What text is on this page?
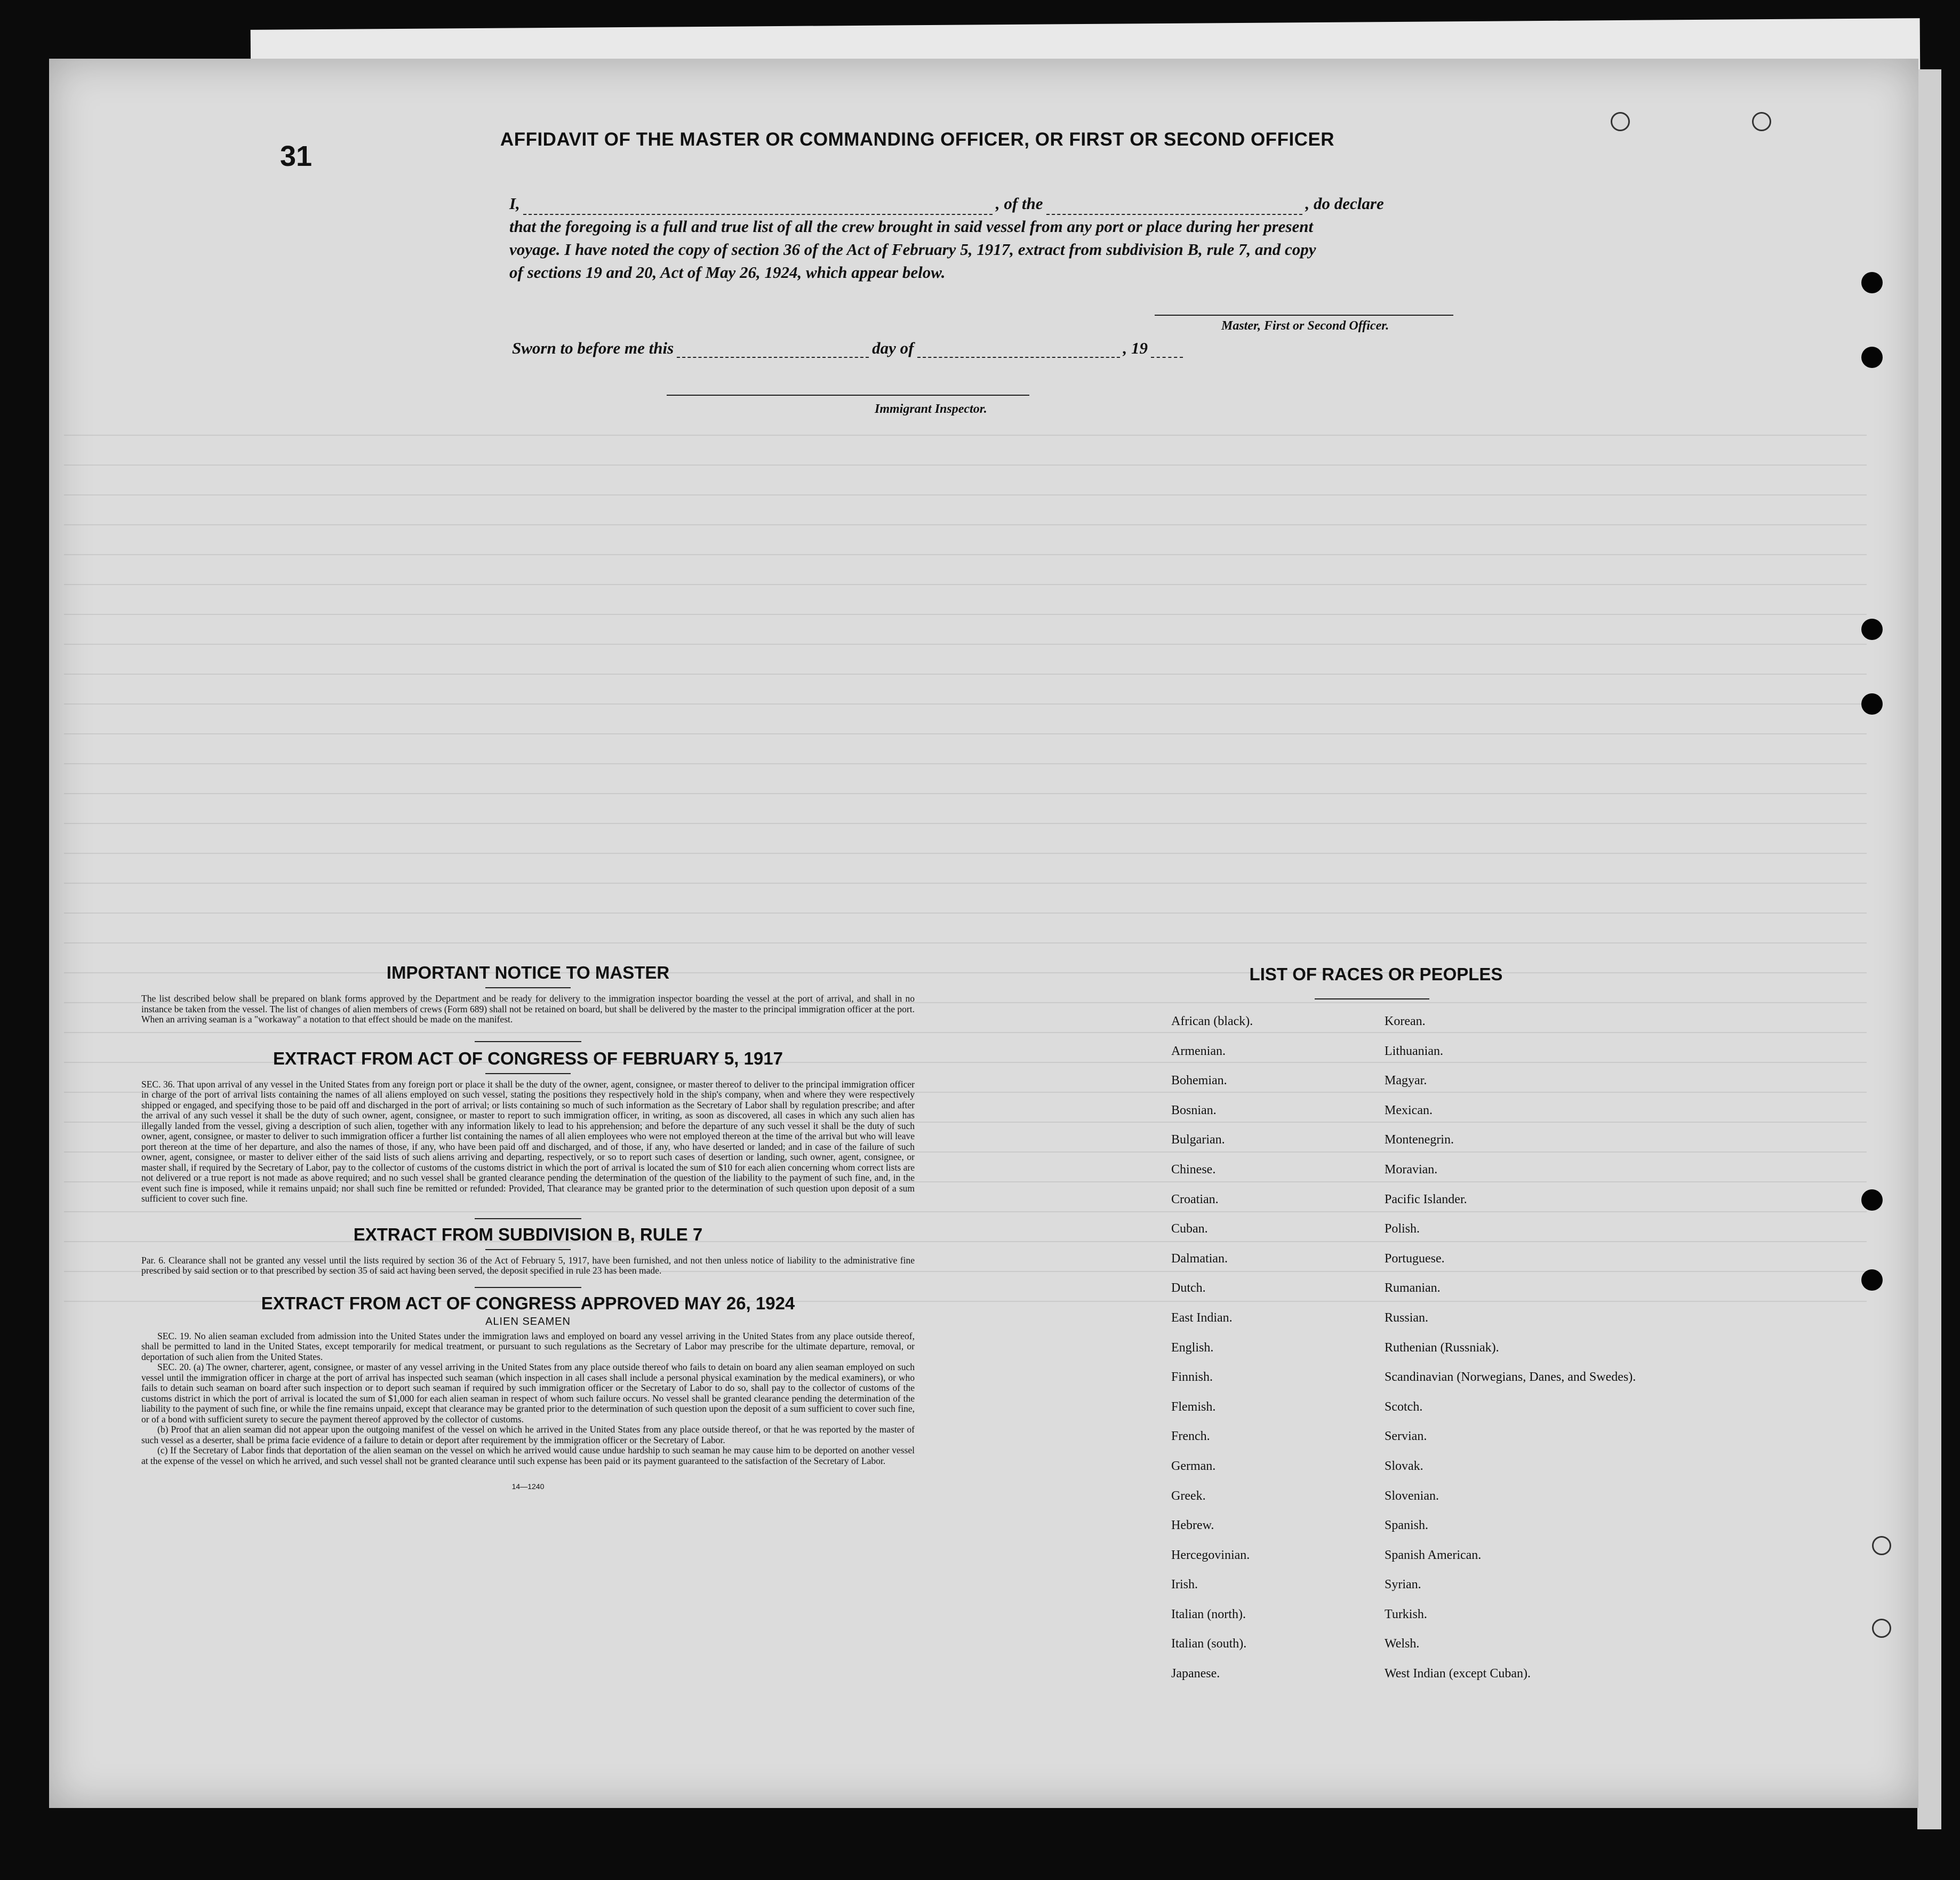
31
AFFIDAVIT OF THE MASTER OR COMMANDING OFFICER, OR FIRST OR SECOND OFFICER
I,	, of the	, do declare
that the foregoing is a full and true list of all the crew brought in said vessel from any port or place during her present
voyage. I have noted the copy of section 36 of the Act of February 5, 1917, extract from subdivision B, rule 7, and copy
of sections 19 and 20, Act of May 26, 1924, which appear below.
Master, First or Second Officer.
Sworn to before me this	day of	, 19
Immigrant Inspector.
IMPORTANT NOTICE TO MASTER

The list described below shall be prepared on blank forms approved by the Department and be ready for delivery to the immigration inspector boarding the vessel at the port of arrival, and shall in no instance be taken from the vessel. The list of changes of alien members of crews (Form 689) shall not be retained on board, but shall be delivered by the master to the principal immigration officer at the port. When an arriving seaman is a "workaway" a notation to that effect should be made on the manifest.

EXTRACT FROM ACT OF CONGRESS OF FEBRUARY 5, 1917

SEC. 36. That upon arrival of any vessel in the United States from any foreign port or place it shall be the duty of the owner, agent, consignee, or master thereof to deliver to the principal immigration officer in charge of the port of arrival lists containing the names of all aliens employed on such vessel, stating the positions they respectively hold in the ship's company, when and where they were respectively shipped or engaged, and specifying those to be paid off and discharged in the port of arrival; or lists containing so much of such information as the Secretary of Labor shall by regulation prescribe; and after the arrival of any such vessel it shall be the duty of such owner, agent, consignee, or master to report to such immigration officer, in writing, as soon as discovered, all cases in which any such alien has illegally landed from the vessel, giving a description of such alien, together with any information likely to lead to his apprehension; and before the departure of any such vessel it shall be the duty of such owner, agent, consignee, or master to deliver to such immigration officer a further list containing the names of all alien employees who were not employed thereon at the time of the arrival but who will leave port thereon at the time of her departure, and also the names of those, if any, who have been paid off and discharged, and of those, if any, who have deserted or landed; and in case of the failure of such owner, agent, consignee, or master to deliver either of the said lists of such aliens arriving and departing, respectively, or so to report such cases of desertion or landing, such owner, agent, consignee, or master shall, if required by the Secretary of Labor, pay to the collector of customs of the customs district in which the port of arrival is located the sum of $10 for each alien concerning whom correct lists are not delivered or a true report is not made as above required; and no such vessel shall be granted clearance pending the determination of the question of the liability to the payment of such fine, and, in the event such fine is imposed, while it remains unpaid; nor shall such fine be remitted or refunded: Provided, That clearance may be granted prior to the determination of such question upon deposit of a sum sufficient to cover such fine.

EXTRACT FROM SUBDIVISION B, RULE 7

Par. 6. Clearance shall not be granted any vessel until the lists required by section 36 of the Act of February 5, 1917, have been furnished, and not then unless notice of liability to the administrative fine prescribed by said section or to that prescribed by section 35 of said act having been served, the deposit specified in rule 23 has been made.

EXTRACT FROM ACT OF CONGRESS APPROVED MAY 26, 1924
ALIEN SEAMEN

SEC. 19. No alien seaman excluded from admission into the United States under the immigration laws and employed on board any vessel arriving in the United States from any place outside thereof, shall be permitted to land in the United States, except temporarily for medical treatment, or pursuant to such regulations as the Secretary of Labor may prescribe for the ultimate departure, removal, or deportation of such alien from the United States.

SEC. 20. (a) The owner, charterer, agent, consignee, or master of any vessel arriving in the United States from any place outside thereof who fails to detain on board any alien seaman employed on such vessel until the immigration officer in charge at the port of arrival has inspected such seaman (which inspection in all cases shall include a personal physical examination by the medical examiners), or who fails to detain such seaman on board after such inspection or to deport such seaman if required by such immigration officer or the Secretary of Labor to do so, shall pay to the collector of customs of the customs district in which the port of arrival is located the sum of $1,000 for each alien seaman in respect of whom such failure occurs. No vessel shall be granted clearance pending the determination of the liability to the payment of such fine, or while the fine remains unpaid, except that clearance may be granted prior to the determination of such question upon the deposit of a sum sufficient to cover such fine, or of a bond with sufficient surety to secure the payment thereof approved by the collector of customs.

(b) Proof that an alien seaman did not appear upon the outgoing manifest of the vessel on which he arrived in the United States from any place outside thereof, or that he was reported by the master of such vessel as a deserter, shall be prima facie evidence of a failure to detain or deport after requirement by the immigration officer or the Secretary of Labor.

(c) If the Secretary of Labor finds that deportation of the alien seaman on the vessel on which he arrived would cause undue hardship to such seaman he may cause him to be deported on another vessel at the expense of the vessel on which he arrived, and such vessel shall not be granted clearance until such expense has been paid or its payment guaranteed to the satisfaction of the Secretary of Labor.

14—1240
LIST OF RACES OR PEOPLES
African (black).	Korean.
Armenian.	Lithuanian.
Bohemian.	Magyar.
Bosnian.	Mexican.
Bulgarian.	Montenegrin.
Chinese.	Moravian.
Croatian.	Pacific Islander.
Cuban.	Polish.
Dalmatian.	Portuguese.
Dutch.	Rumanian.
East Indian.	Russian.
English.	Ruthenian (Russniak).
Finnish.	Scandinavian (Norwegians, Danes, and Swedes).
Flemish.	Scotch.
French.	Servian.
German.	Slovak.
Greek.	Slovenian.
Hebrew.	Spanish.
Hercegovinian.	Spanish American.
Irish.	Syrian.
Italian (north).	Turkish.
Italian (south).	Welsh.
Japanese.	West Indian (except Cuban).
